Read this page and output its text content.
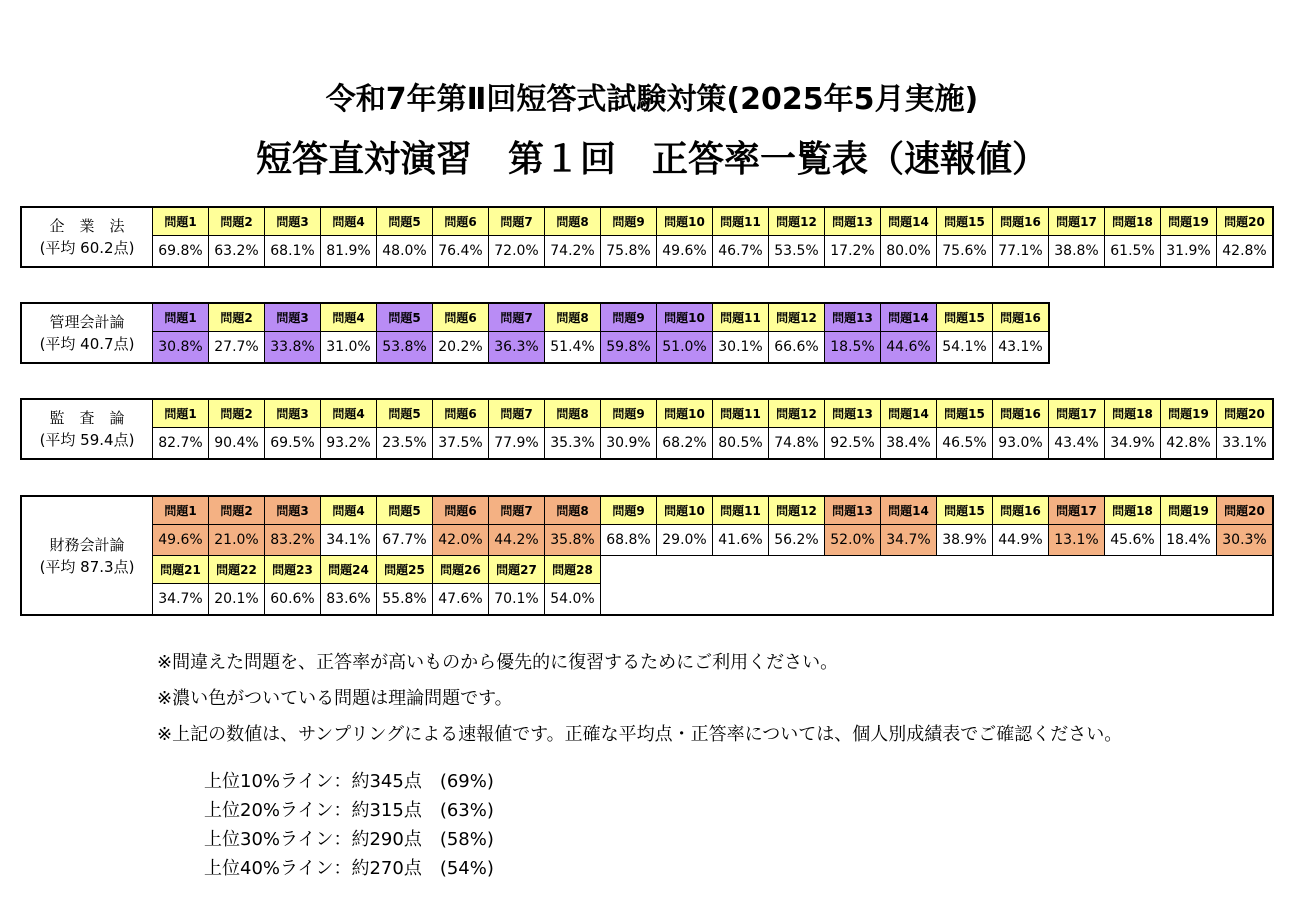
令和7年第Ⅱ回短答式試験対策(2025年5月実施)
短答直対演習　第１回　正答率一覧表（速報値）
企　業　法
(平均 60.2点)	問題1	問題2	問題3	問題4	問題5	問題6	問題7	問題8	問題9	問題10	問題11	問題12	問題13	問題14	問題15	問題16	問題17	問題18	問題19	問題20
	69.8%	63.2%	68.1%	81.9%	48.0%	76.4%	72.0%	74.2%	75.8%	49.6%	46.7%	53.5%	17.2%	80.0%	75.6%	77.1%	38.8%	61.5%	31.9%	42.8%
管理会計論
(平均 40.7点)	問題1	問題2	問題3	問題4	問題5	問題6	問題7	問題8	問題9	問題10	問題11	問題12	問題13	問題14	問題15	問題16
	30.8%	27.7%	33.8%	31.0%	53.8%	20.2%	36.3%	51.4%	59.8%	51.0%	30.1%	66.6%	18.5%	44.6%	54.1%	43.1%
監　査　論
(平均 59.4点)	問題1	問題2	問題3	問題4	問題5	問題6	問題7	問題8	問題9	問題10	問題11	問題12	問題13	問題14	問題15	問題16	問題17	問題18	問題19	問題20
	82.7%	90.4%	69.5%	93.2%	23.5%	37.5%	77.9%	35.3%	30.9%	68.2%	80.5%	74.8%	92.5%	38.4%	46.5%	93.0%	43.4%	34.9%	42.8%	33.1%
財務会計論
(平均 87.3点)	問題1	問題2	問題3	問題4	問題5	問題6	問題7	問題8	問題9	問題10	問題11	問題12	問題13	問題14	問題15	問題16	問題17	問題18	問題19	問題20
	49.6%	21.0%	83.2%	34.1%	67.7%	42.0%	44.2%	35.8%	68.8%	29.0%	41.6%	56.2%	52.0%	34.7%	38.9%	44.9%	13.1%	45.6%	18.4%	30.3%
	問題21	問題22	問題23	問題24	問題25	問題26	問題27	問題28												
	34.7%	20.1%	60.6%	83.6%	55.8%	47.6%	70.1%	54.0%												
※間違えた問題を、正答率が高いものから優先的に復習するためにご利用ください。
※濃い色がついている問題は理論問題です。
※上記の数値は、サンプリングによる速報値です。正確な平均点・正答率については、個人別成績表でご確認ください。
上位10%ライン：約345点　(69%)
上位20%ライン：約315点　(63%)
上位30%ライン：約290点　(58%)
上位40%ライン：約270点　(54%)
